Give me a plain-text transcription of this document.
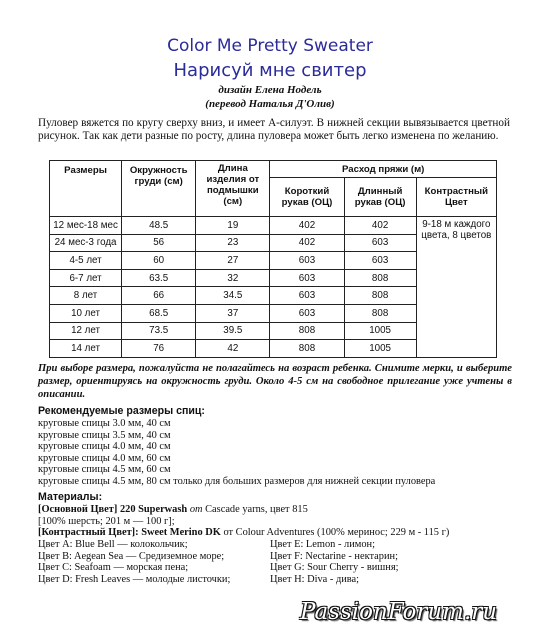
Color Me Pretty Sweater
Нарисуй мне свитер
дизайн Елена Нодель
(перевод Наталья Д'Олив)
Пуловер вяжется по кругу сверху вниз, и имеет А-силуэт. В нижней секции вывязывается цветной рисунок. Так как дети разные по росту, длина пуловера может быть легко изменена по желанию.
Размеры	Окружность груди (см)	Длина изделия от подмышки (см)	Расход пряжи (м)		
			Короткий рукав (ОЦ)	Длинный рукав (ОЦ)	Контрастный Цвет
12 мес-18 мес	48.5	19	402	402	9-18 м каждого цвета, 8 цветов
24 мес-3 года	56	23	402	603	
4-5 лет	60	27	603	603	
6-7 лет	63.5	32	603	808	
8 лет	66	34.5	603	808	
10 лет	68.5	37	603	808	
12 лет	73.5	39.5	808	1005	
14 лет	76	42	808	1005	
При выборе размера, пожалуйста не полагайтесь на возраст ребенка. Снимите мерки, и выберите размер, ориентируясь на окружность груди. Около 4-5 см на свободное прилегание уже учтены в описании.
Рекомендуемые размеры спиц:
круговые спицы 3.0 мм, 40 см
круговые спицы 3.5 мм, 40 см
круговые спицы 4.0 мм, 40 см
круговые спицы 4.0 мм, 60 см
круговые спицы 4.5 мм, 60 см
круговые спицы 4.5 мм, 80 см только для больших размеров для нижней секции пуловера
Материалы:
[Основной Цвет] 220 Superwash от Cascade yarns, цвет 815
[100% шерсть; 201 м — 100 г];
[Контрастный Цвет]: Sweet Merino DK от Colour Adventures (100% меринос; 229 м - 115 г)
Цвет А: Blue Bell — колокольчик;
Цвет B: Aegean Sea — Средиземное море;
Цвет C: Seafoam — морская пена;
Цвет D: Fresh Leaves — молодые листочки;
Цвет E: Lemon - лимон;
Цвет F: Nectarine - нектарин;
Цвет G: Sour Cherry - вишня;
Цвет H: Diva - дива;
PassionForum.ru
